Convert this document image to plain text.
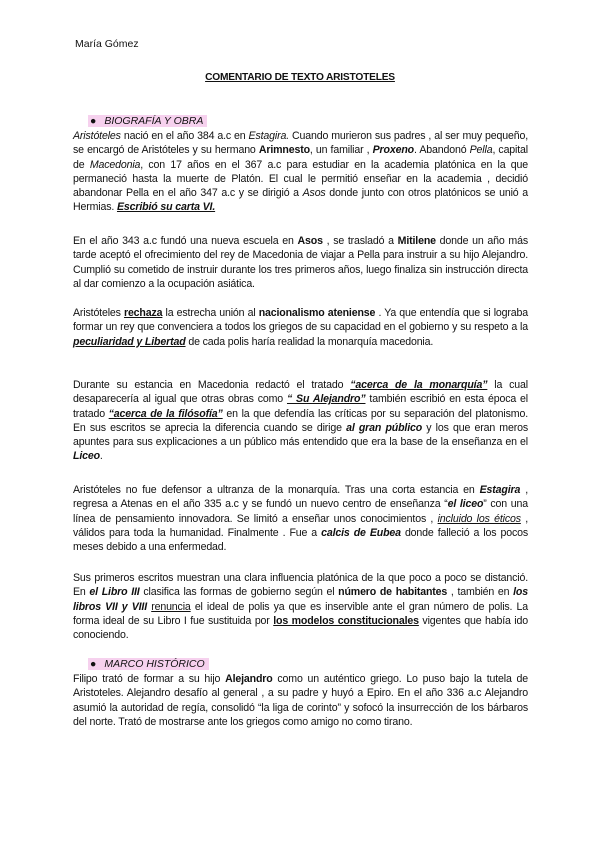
María Gómez
COMENTARIO DE TEXTO ARISTOTELES
● BIOGRAFÍA Y OBRA
Aristóteles nació en el año 384 a.c en Estagira. Cuando murieron sus padres , al ser muy pequeño, se encargó de Aristóteles y su hermano Arimnesto, un familiar , Proxeno. Abandonó Pella, capital de Macedonia, con 17 años en el 367 a.c para estudiar en la academia platónica en la que permaneció hasta la muerte de Platón. El cual le permitió enseñar en la academia , decidió abandonar Pella en el año 347 a.c y se dirigió a Asos donde junto con otros platónicos se unió a Hermias. Escribió su carta VI.
En el año 343 a.c fundó una nueva escuela en Asos , se trasladó a Mitilene donde un año más tarde aceptó el ofrecimiento del rey de Macedonia de viajar a Pella para instruir a su hijo Alejandro. Cumplió su cometido de instruir durante los tres primeros años, luego finaliza sin instrucción directa al dar comienzo a la ocupación asiática.
Aristóteles rechaza la estrecha unión al nacionalismo ateniense . Ya que entendía que si lograba formar un rey que convenciera a todos los griegos de su capacidad en el gobierno y su respeto a la peculiaridad y Libertad de cada polis haría realidad la monarquía macedonia.
Durante su estancia en Macedonia redactó el tratado “acerca de la monarquía” la cual desaparecería al igual que otras obras como “ Su Alejandro” también escribió en esta época el tratado “acerca de la filósofía” en la que defendía las críticas por su separación del platonismo. En sus escritos se aprecia la diferencia cuando se dirige al gran público y los que eran meros apuntes para sus explicaciones a un público más entendido que era la base de la enseñanza en el Liceo.
Aristóteles no fue defensor a ultranza de la monarquía. Tras una corta estancia en Estagira , regresa a Atenas en el año 335 a.c y se fundó un nuevo centro de enseñanza “el liceo” con una línea de pensamiento innovadora. Se limitó a enseñar unos conocimientos , incluido los éticos , válidos para toda la humanidad. Finalmente . Fue a calcis de Eubea donde falleció a los pocos meses debido a una enfermedad.
Sus primeros escritos muestran una clara influencia platónica de la que poco a poco se distanció. En el Libro III clasifica las formas de gobierno según el número de habitantes , también en los libros VII y VIII renuncia el ideal de polis ya que es inservible ante el gran número de polis. La forma ideal de su Libro I fue sustituida por los modelos constitucionales vigentes que había ido conociendo.
● MARCO HISTÓRICO
Filipo trató de formar a su hijo Alejandro como un auténtico griego. Lo puso bajo la tutela de Aristoteles. Alejandro desafío al general , a su padre y huyó a Epiro. En el año 336 a.c Alejandro asumió la autoridad de regía, consolidó “la liga de corinto” y sofocó la insurrección de los bárbaros del norte. Trató de mostrarse ante los griegos como amigo no como tirano.
